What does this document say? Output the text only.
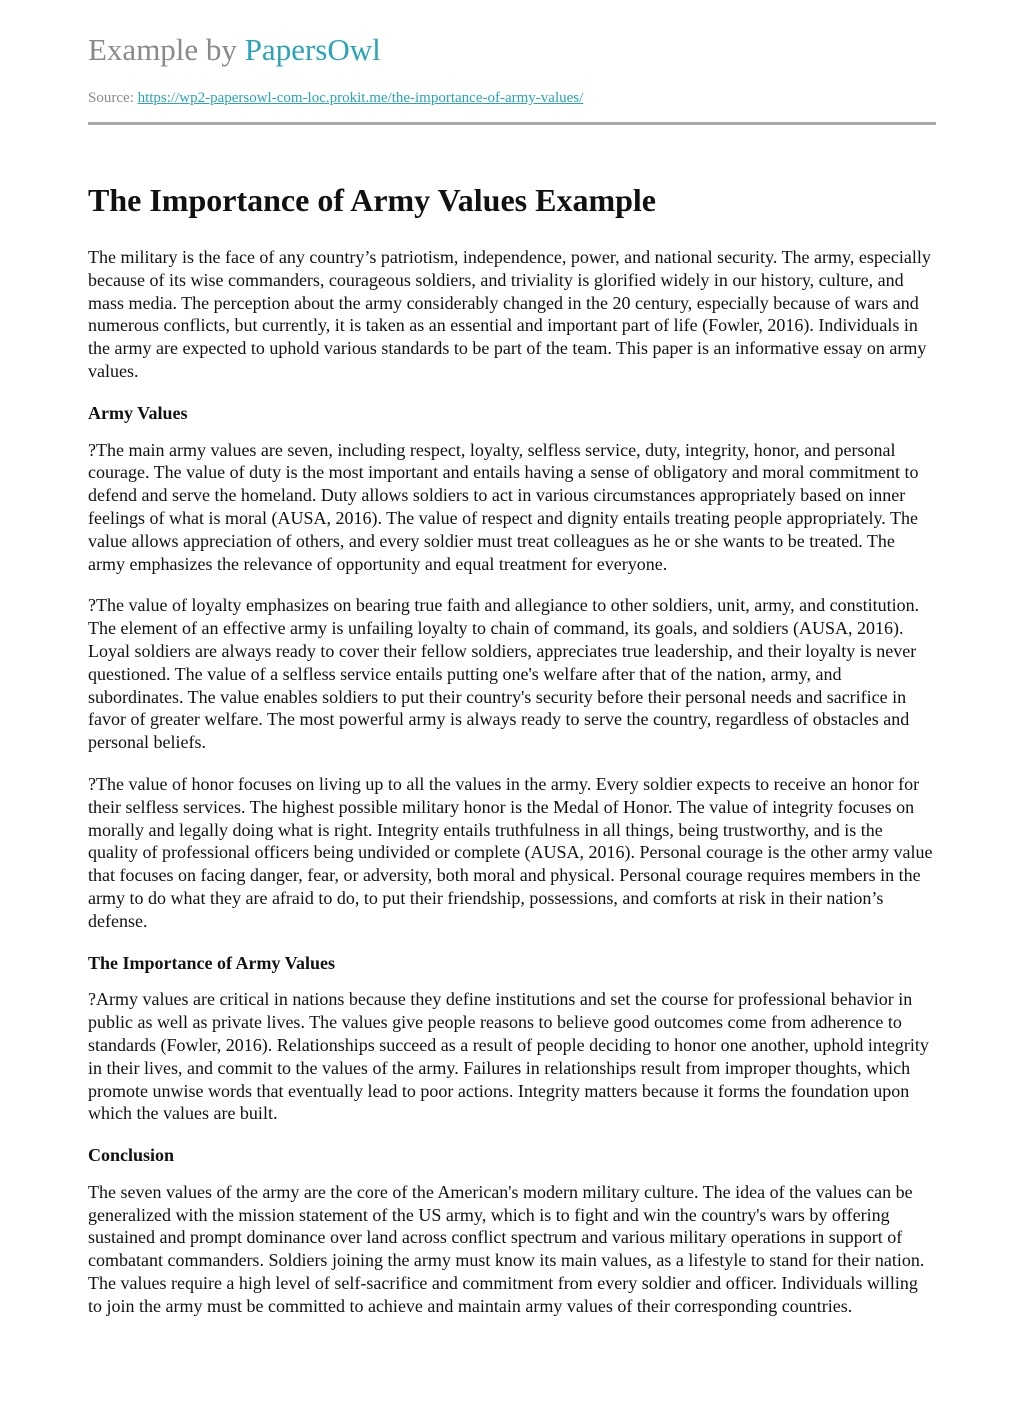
Example by PapersOwl
Source: https://wp2-papersowl-com-loc.prokit.me/the-importance-of-army-values/
The Importance of Army Values Example

The military is the face of any country’s patriotism, independence, power, and national security. The army, especially because of its wise commanders, courageous soldiers, and triviality is glorified widely in our history, culture, and mass media. The perception about the army considerably changed in the 20 century, especially because of wars and numerous conflicts, but currently, it is taken as an essential and important part of life (Fowler, 2016). Individuals in the army are expected to uphold various standards to be part of the team. This paper is an informative essay on army values.

Army Values

?The main army values are seven, including respect, loyalty, selfless service, duty, integrity, honor, and personal courage. The value of duty is the most important and entails having a sense of obligatory and moral commitment to defend and serve the homeland. Duty allows soldiers to act in various circumstances appropriately based on inner feelings of what is moral (AUSA, 2016). The value of respect and dignity entails treating people appropriately. The value allows appreciation of others, and every soldier must treat colleagues as he or she wants to be treated. The army emphasizes the relevance of opportunity and equal treatment for everyone.

?The value of loyalty emphasizes on bearing true faith and allegiance to other soldiers, unit, army, and constitution. The element of an effective army is unfailing loyalty to chain of command, its goals, and soldiers (AUSA, 2016). Loyal soldiers are always ready to cover their fellow soldiers, appreciates true leadership, and their loyalty is never questioned. The value of a selfless service entails putting one's welfare after that of the nation, army, and subordinates. The value enables soldiers to put their country's security before their personal needs and sacrifice in favor of greater welfare. The most powerful army is always ready to serve the country, regardless of obstacles and personal beliefs.

?The value of honor focuses on living up to all the values in the army. Every soldier expects to receive an honor for their selfless services. The highest possible military honor is the Medal of Honor. The value of integrity focuses on morally and legally doing what is right. Integrity entails truthfulness in all things, being trustworthy, and is the quality of professional officers being undivided or complete (AUSA, 2016). Personal courage is the other army value that focuses on facing danger, fear, or adversity, both moral and physical. Personal courage requires members in the army to do what they are afraid to do, to put their friendship, possessions, and comforts at risk in their nation’s defense.

The Importance of Army Values

?Army values are critical in nations because they define institutions and set the course for professional behavior in public as well as private lives. The values give people reasons to believe good outcomes come from adherence to standards (Fowler, 2016). Relationships succeed as a result of people deciding to honor one another, uphold integrity in their lives, and commit to the values of the army. Failures in relationships result from improper thoughts, which promote unwise words that eventually lead to poor actions. Integrity matters because it forms the foundation upon which the values are built.

Conclusion

The seven values of the army are the core of the American's modern military culture. The idea of the values can be generalized with the mission statement of the US army, which is to fight and win the country's wars by offering sustained and prompt dominance over land across conflict spectrum and various military operations in support of combatant commanders. Soldiers joining the army must know its main values, as a lifestyle to stand for their nation. The values require a high level of self-sacrifice and commitment from every soldier and officer. Individuals willing to join the army must be committed to achieve and maintain army values of their corresponding countries.
